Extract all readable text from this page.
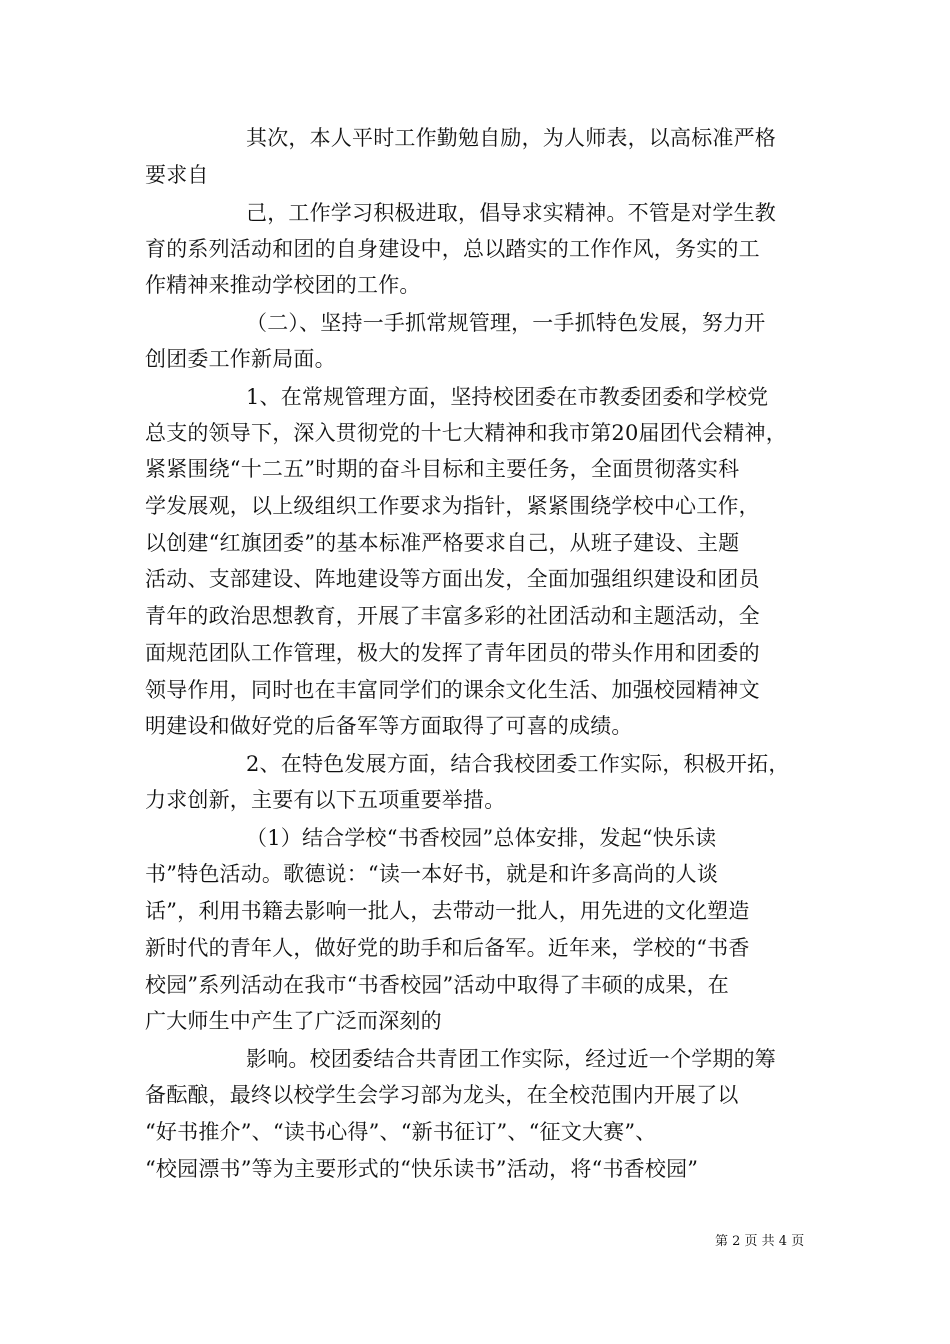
其次，本人平时工作勤勉自励，为人师表，以高标准严格
要求自
己，工作学习积极进取，倡导求实精神。不管是对学生教
育的系列活动和团的自身建设中，总以踏实的工作作风，务实的工
作精神来推动学校团的工作。
（二）、坚持一手抓常规管理，一手抓特色发展，努力开
创团委工作新局面。
1、在常规管理方面，坚持校团委在市教委团委和学校党
总支的领导下，深入贯彻党的十七大精神和我市第20届团代会精神，
紧紧围绕“十二五”时期的奋斗目标和主要任务，全面贯彻落实科
学发展观，以上级组织工作要求为指针，紧紧围绕学校中心工作，
以创建“红旗团委”的基本标准严格要求自己，从班子建设、主题
活动、支部建设、阵地建设等方面出发，全面加强组织建设和团员
青年的政治思想教育，开展了丰富多彩的社团活动和主题活动，全
面规范团队工作管理，极大的发挥了青年团员的带头作用和团委的
领导作用，同时也在丰富同学们的课余文化生活、加强校园精神文
明建设和做好党的后备军等方面取得了可喜的成绩。
2、在特色发展方面，结合我校团委工作实际，积极开拓，
力求创新，主要有以下五项重要举措。
（1）结合学校“书香校园”总体安排，发起“快乐读
书”特色活动。歌德说：“读一本好书，就是和许多高尚的人谈
话”，利用书籍去影响一批人，去带动一批人，用先进的文化塑造
新时代的青年人，做好党的助手和后备军。近年来，学校的“书香
校园”系列活动在我市“书香校园”活动中取得了丰硕的成果，在
广大师生中产生了广泛而深刻的
影响。校团委结合共青团工作实际，经过近一个学期的筹
备酝酿，最终以校学生会学习部为龙头，在全校范围内开展了以
“好书推介”、“读书心得”、“新书征订”、“征文大赛”、
“校园漂书”等为主要形式的“快乐读书”活动，将“书香校园”
第 2 页 共 4 页
